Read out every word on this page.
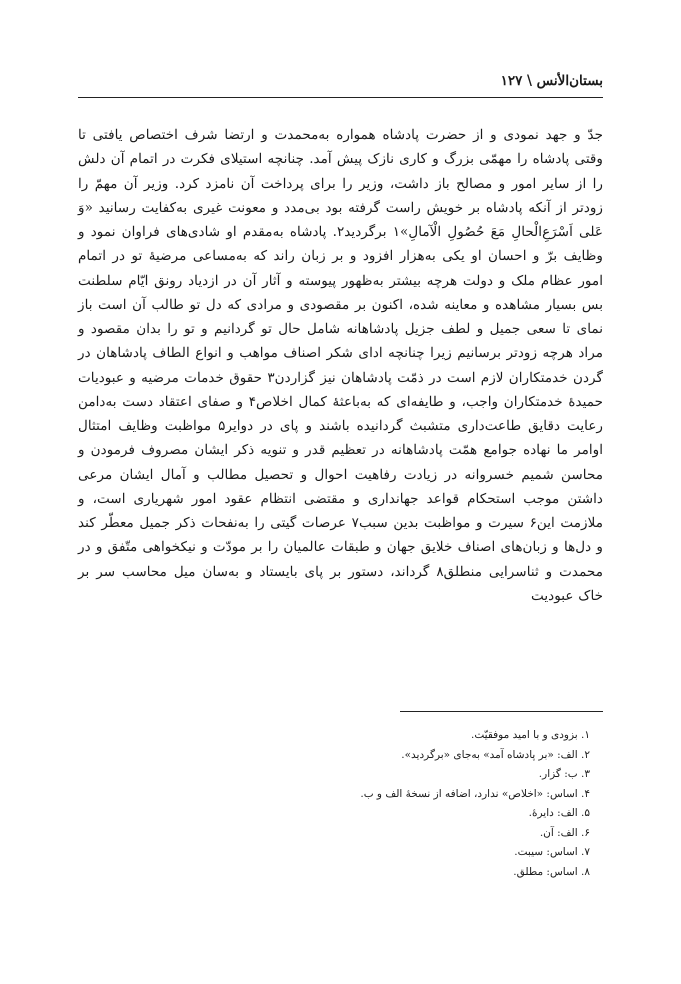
بستان‌الأنس \ ۱۲۷

جدّ و جهد نمودی و از حضرت پادشاه همواره به‌محمدت و ارتضا شرف اختصاص یافتی تا وقتی پادشاه را مهمّی بزرگ و کاری نازک پیش آمد. چنانچه استیلای فکرت در اتمام آن دلش را از سایر امور و مصالح باز داشت، وزیر را برای پرداخت آن نامزد کرد. وزیر آن مهمّ را زودتر از آنکه پادشاه بر خویش راست گرفته بود بی‌مدد و معونت غیری به‌کفایت رسانید «وَ عَلی اَسْرَعِ‌الْحالِ مَعَ حُصُولِ الْآمالِ»۱ برگردید۲. پادشاه به‌مقدم او شادی‌های فراوان نمود و وظایف برّ و احسان او یکی به‌هزار افزود و بر زبان راند که به‌مساعی مرضیهٔ تو در اتمام امور عظام ملک و دولت هرچه بیشتر به‌ظهور پیوسته و آثار آن در ازدیاد رونق ایّام سلطنت بس بسیار مشاهده و معاینه شده، اکنون بر مقصودی و مرادی که دل تو طالب آن است باز نمای تا سعی جمیل و لطف جزیل پادشاهانه شامل حال تو گردانیم و تو را بدان مقصود و مراد هرچه زودتر برسانیم زیرا چنانچه ادای شکر اصناف مواهب و انواع الطاف پادشاهان در گردن خدمتکاران لازم است در ذمّت پادشاهان نیز گزاردن۳ حقوق خدمات مرضیه و عبودیات حمیدهٔ خدمتکاران واجب، و طایفه‌ای که به‌باعثهٔ کمال اخلاص۴ و صفای اعتقاد دست به‌دامن رعایت دقایق طاعت‌داری متشبث گردانیده باشند و پای در دوایر۵ مواظبت وظایف امتثال اوامر ما نهاده جوامع همّت پادشاهانه در تعظیم قدر و تنویه ذکر ایشان مصروف فرمودن و محاسن شمیم خسروانه در زیادت رفاهیت احوال و تحصیل مطالب و آمال ایشان مرعی داشتن موجب استحکام قواعد جهانداری و مقتضی انتظام عقود امور شهریاری است، و ملازمت این۶ سیرت و مواظبت بدین سبب۷ عرصات گیتی را به‌نفحات ذکر جمیل معطّر کند و دل‌ها و زبان‌های اصناف خلایق جهان و طبقات عالمیان را بر مودّت و نیکخواهی متّفق و در محمدت و ثناسرایی منطلق۸ گرداند، دستور بر پای بایستاد و به‌سان میل محاسب سر بر خاک عبودیت

۱. بزودی و با امید موفقیّت.
۲. الف: «بر پادشاه آمد» به‌جای «برگردید».
۳. ب: گزار.
۴. اساس: «اخلاص» ندارد، اضافه از نسخهٔ الف و ب.
۵. الف: دایرهٔ.
۶. الف: آن.
۷. اساس: سیبت.
۸. اساس: مطلق.
